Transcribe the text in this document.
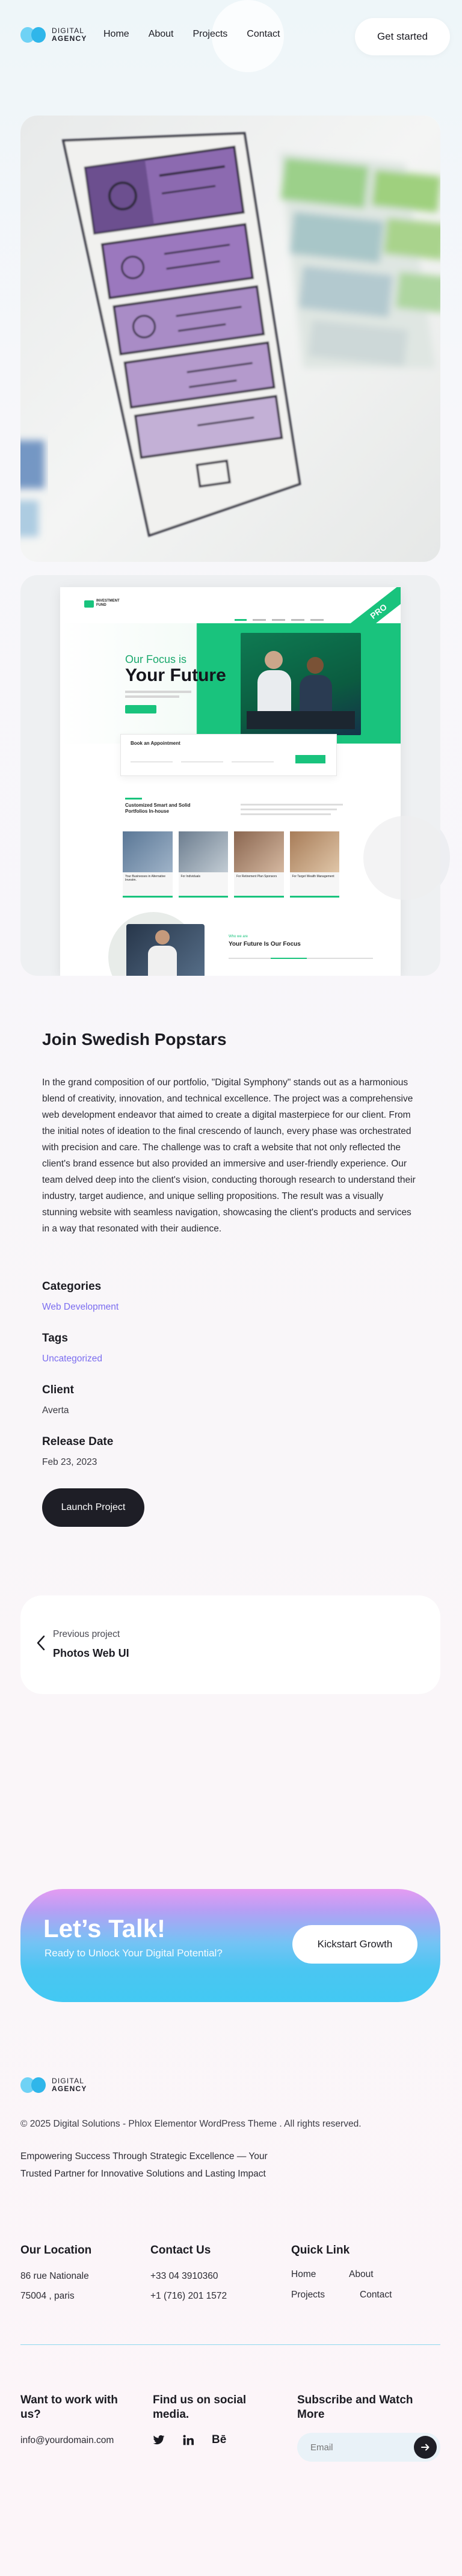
DIGITAL
AGENCY Home About Projects Contact	Get started
INVESTMENT FUND	PRO
Our Focus is
Your Future
Book an Appointment
Customized Smart and Solid Portfolios In-house
Your Businesses in Alternative Investm.
For Individuals	For Retirement Plan Sponsors	For Target Wealth Management
Who we are
Your Future Is Our Focus
Join Swedish Popstars

In the grand composition of our portfolio, "Digital Symphony" stands out as a harmonious blend of creativity, innovation, and technical excellence. The project was a comprehensive web development endeavor that aimed to create a digital masterpiece for our client. From the initial notes of ideation to the final crescendo of launch, every phase was orchestrated with precision and care. The challenge was to craft a website that not only reflected the client's brand essence but also provided an immersive and user-friendly experience. Our team delved deep into the client's vision, conducting thorough research to understand their industry, target audience, and unique selling propositions. The result was a visually stunning website with seamless navigation, showcasing the client's products and services in a way that resonated with their audience.

Categories
Web Development
Tags
Uncategorized
Client
Averta
Release Date
Feb 23, 2023
Launch Project
Previous project
Photos Web UI
Let’s Talk!
Ready to Unlock Your Digital Potential?
Kickstart Growth
DIGITAL
AGENCY
© 2025 Digital Solutions - Phlox Elementor WordPress Theme . All rights reserved.
Empowering Success Through Strategic Excellence — Your Trusted Partner for Innovative Solutions and Lasting Impact
Our Location
86 rue Nationale
75004 , paris
Contact Us
+33 04 3910360
+1 (716) 201 1572
Quick Link
Home	About
Projects	Contact
Want to work with us?
info@yourdomain.com
Find us on social media.
Bē
Subscribe and Watch More
Email
